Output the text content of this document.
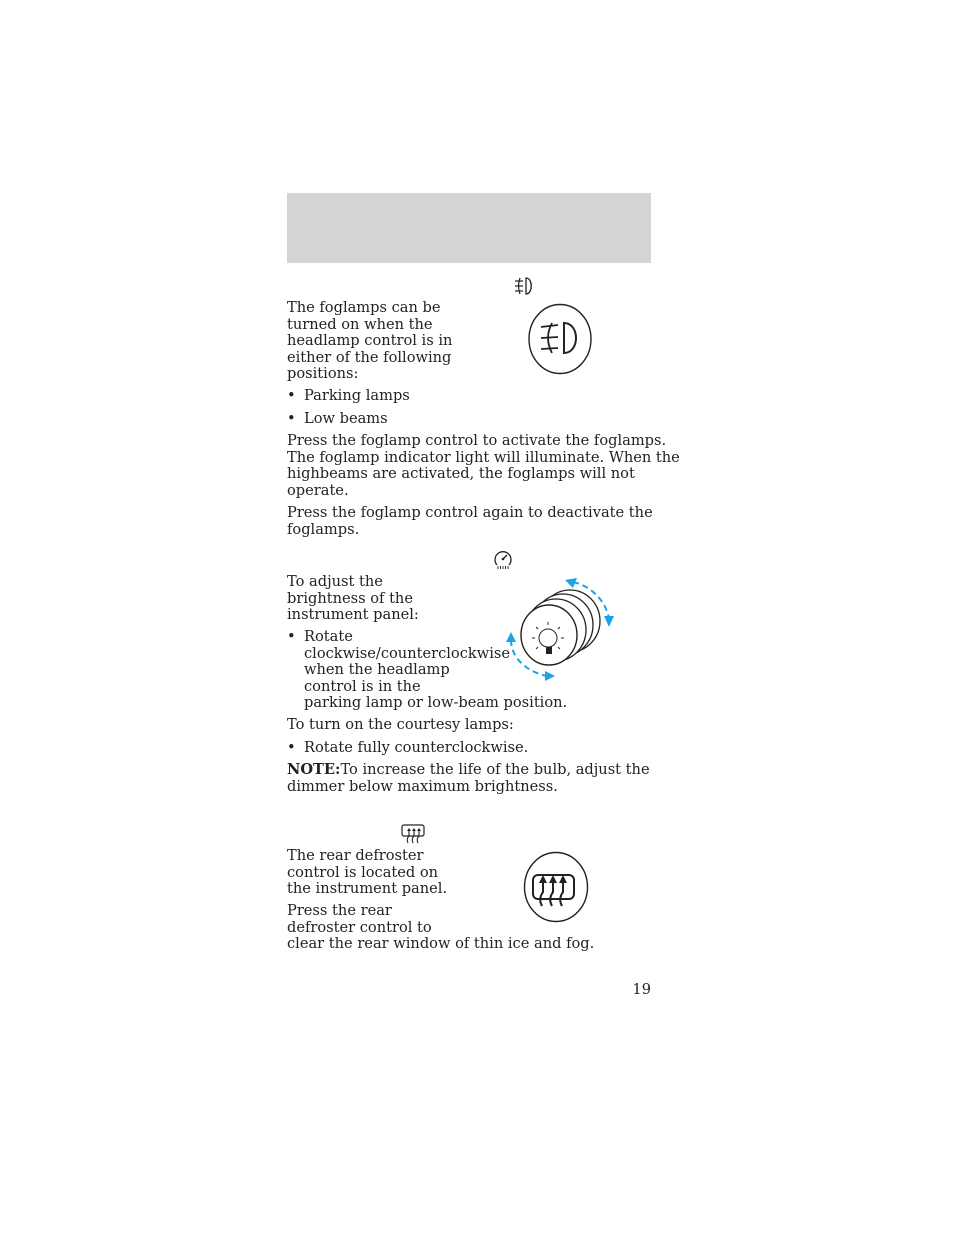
The foglamps can be
turned on when the
headlamp control is in
either of the following
positions:
• Parking lamps
• Low beams
Press the foglamp control to activate the foglamps.
The foglamp indicator light will illuminate. When the
highbeams are activated, the foglamps will not
operate.
Press the foglamp control again to deactivate the
foglamps.
To adjust the
brightness of the
instrument panel:
• Rotate
clockwise/counterclockwise
when the headlamp
control is in the
parking lamp or low-beam position.
To turn on the courtesy lamps:
• Rotate fully counterclockwise.
NOTE:To increase the life of the bulb, adjust the
dimmer below maximum brightness.
The rear defroster
control is located on
the instrument panel.
Press the rear
defroster control to
clear the rear window of thin ice and fog.
19
